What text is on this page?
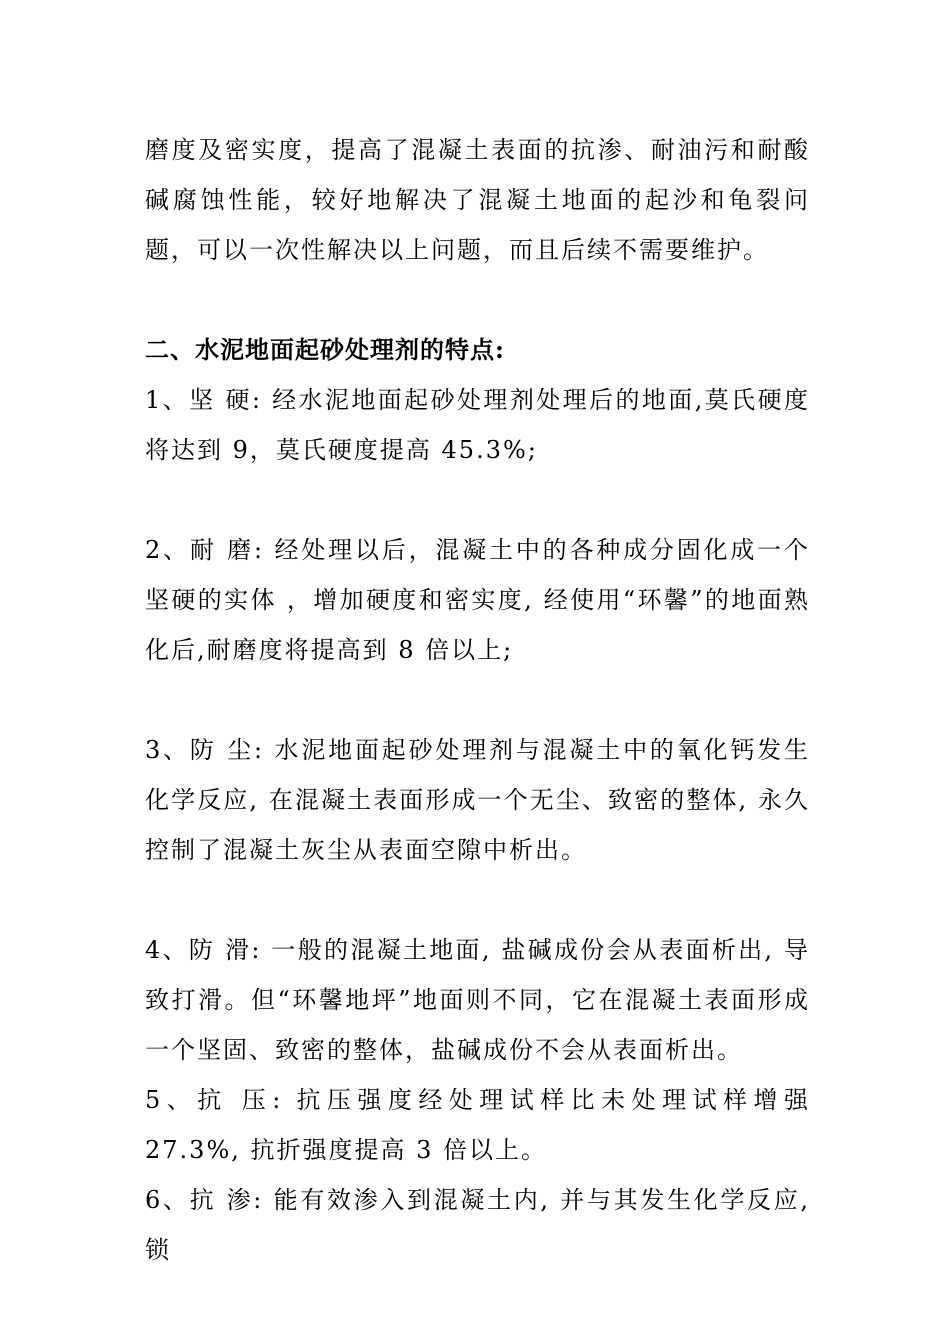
磨度及密实度，提高了混凝土表面的抗渗、耐油污和耐酸碱腐蚀性能，较好地解决了混凝土地面的起沙和龟裂问题，可以一次性解决以上问题，而且后续不需要维护。

二、水泥地面起砂处理剂的特点:

1、坚 硬: 经水泥地面起砂处理剂处理后的地面,莫氏硬度将达到 9，莫氏硬度提高 45.3%;

2、耐 磨: 经处理以后，混凝土中的各种成分固化成一个坚硬的实体 ，增加硬度和密实度, 经使用“环馨”的地面熟化后,耐磨度将提高到 8 倍以上;

3、防 尘: 水泥地面起砂处理剂与混凝土中的氧化钙发生化学反应, 在混凝土表面形成一个无尘、致密的整体, 永久控制了混凝土灰尘从表面空隙中析出。

4、防 滑: 一般的混凝土地面, 盐碱成份会从表面析出, 导致打滑。但“环馨地坪”地面则不同，它在混凝土表面形成一个坚固、致密的整体，盐碱成份不会从表面析出。

5、抗 压: 抗压强度经处理试样比未处理试样增强 27.3%, 抗折强度提高 3 倍以上。

6、抗 渗: 能有效渗入到混凝土内, 并与其发生化学反应, 锁
